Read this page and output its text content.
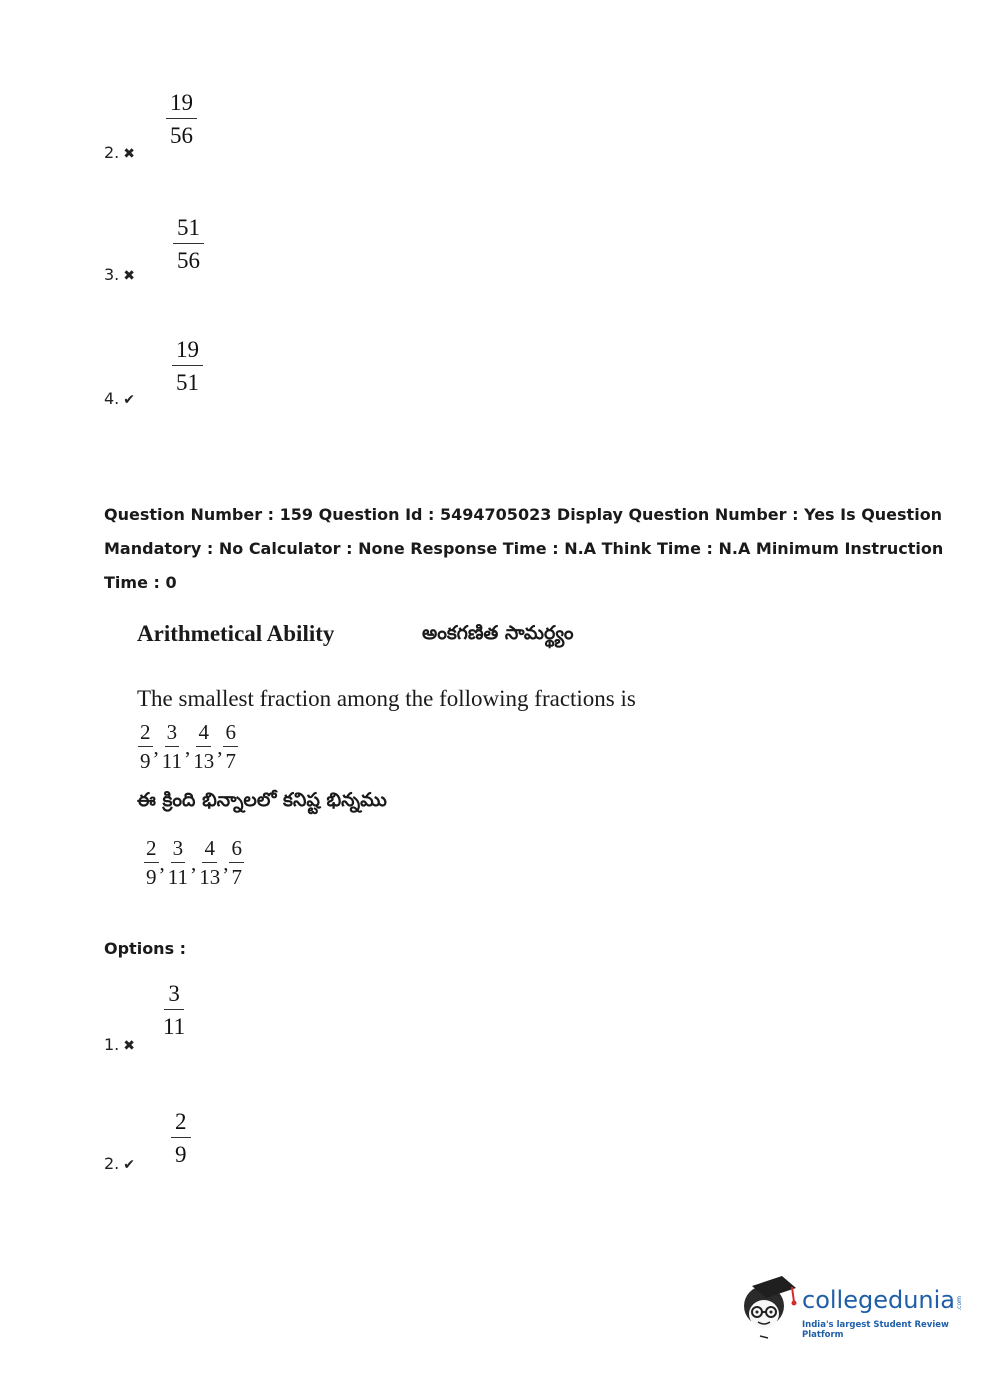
$\frac{19}{56}$
2. ✖
$\frac{51}{56}$
3. ✖
$\frac{19}{51}$
4. ✔
Question Number : 159 Question Id : 5494705023 Display Question Number : Yes Is Question
Mandatory : No Calculator : None Response Time : N.A Think Time : N.A Minimum Instruction
Time : 0
Arithmetical Ability	అంకగణిత సామర్థ్యం
The smallest fraction among the following fractions is
2
9
,
3
11
,
4
13
,
6
7
ఈ క్రింది భిన్నాలలో కనిష్ట భిన్నము
2
9
,
3
11
,
4
13
,
6
7
Options :
$\frac{3}{11}$
1. ✖
$\frac{2}{9}$
2. ✔
collegedunia .com
India's largest Student Review Platform
